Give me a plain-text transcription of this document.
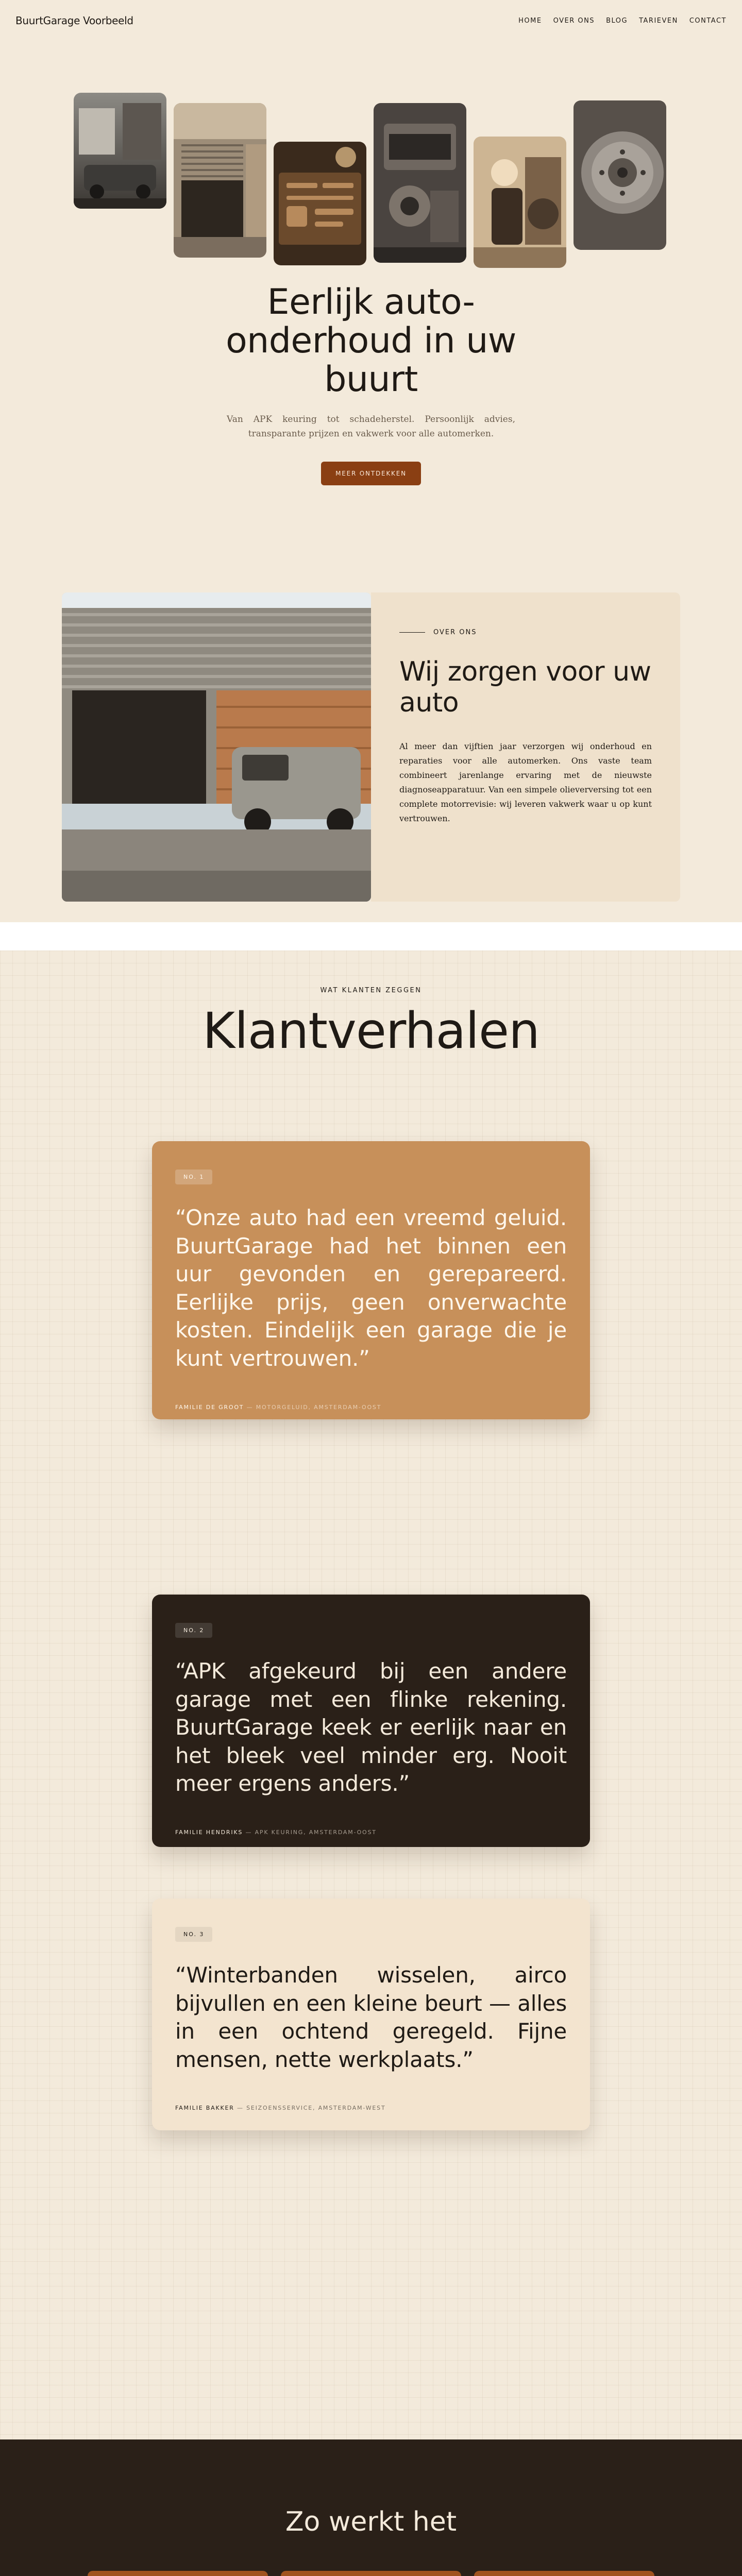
BuurtGarage Voorbeeld	HOME OVER ONS BLOG TARIEVEN CONTACT
Eerlijk auto-onderhoud in uw buurt

Van APK keuring tot schadeherstel. Persoonlijk advies, transparante prijzen en vakwerk voor alle automerken.

MEER ONTDEKKEN
OVER ONS
Wij zorgen voor uw auto

Al meer dan vijftien jaar verzorgen wij onderhoud en reparaties voor alle automerken. Ons vaste team combineert jarenlange ervaring met de nieuwste diagnoseapparatuur. Van een simpele olieverversing tot een complete motorrevisie: wij leveren vakwerk waar u op kunt vertrouwen.

WAT KLANTEN ZEGGEN
Klantverhalen
NO. 1

“Onze auto had een vreemd geluid. BuurtGarage had het binnen een uur gevonden en gerepareerd. Eerlijke prijs, geen onverwachte kosten. Eindelijk een garage die je kunt vertrouwen.”

FAMILIE DE GROOT — MOTORGELUID, AMSTERDAM-OOST
NO. 2

“APK afgekeurd bij een andere garage met een flinke rekening. BuurtGarage keek er eerlijk naar en het bleek veel minder erg. Nooit meer ergens anders.”

FAMILIE HENDRIKS — APK KEURING, AMSTERDAM-OOST
NO. 3

“Winterbanden wisselen, airco bijvullen en een kleine beurt — alles in een ochtend geregeld. Fijne mensen, nette werkplaats.”

FAMILIE BAKKER — SEIZOENSSERVICE, AMSTERDAM-WEST
Zo werkt het
